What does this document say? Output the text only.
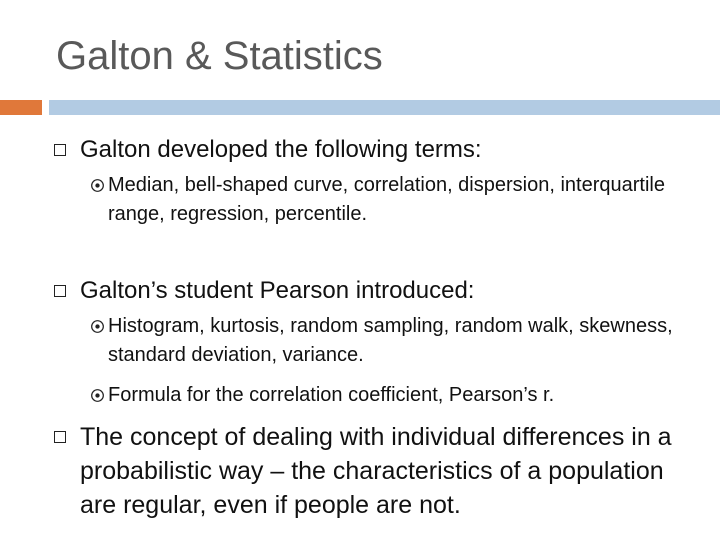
Galton & Statistics
Galton developed the following terms:
Median, bell-shaped curve, correlation, dispersion, interquartile range, regression, percentile.
Galton’s student Pearson introduced:
Histogram, kurtosis, random sampling, random walk, skewness, standard deviation, variance.
Formula for the correlation coefficient, Pearson’s r.
The concept of dealing with individual differences in a probabilistic way – the characteristics of a population are regular, even if people are not.
